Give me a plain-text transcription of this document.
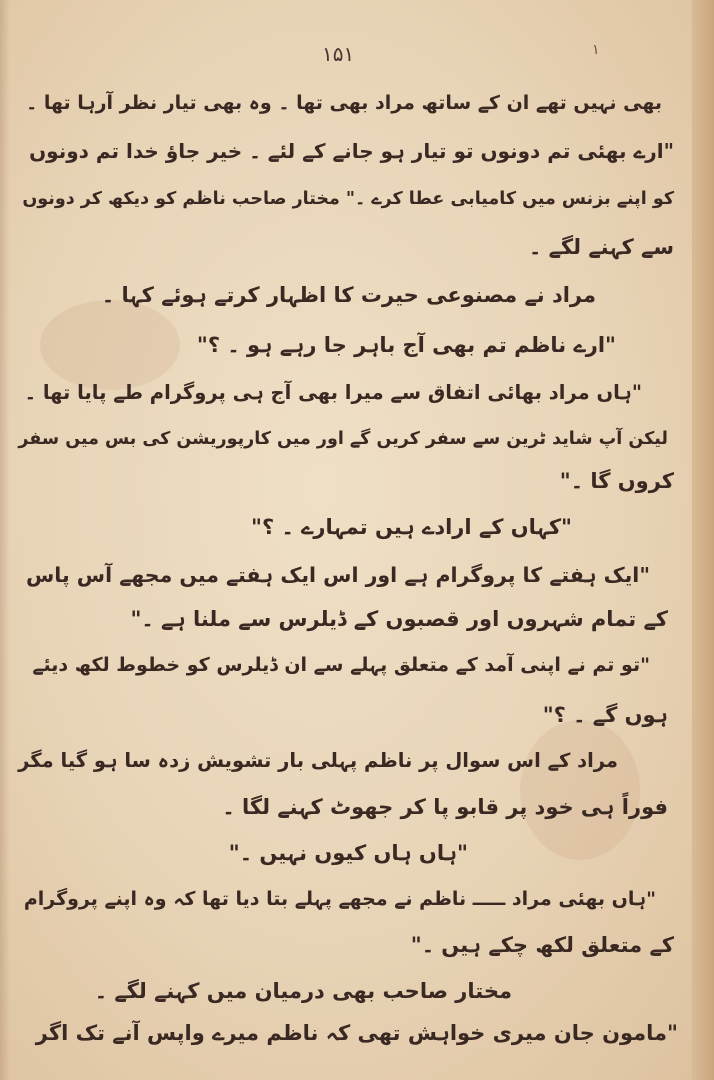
۱۵۱	۱
بھی نہیں تھے ان کے ساتھ مراد بھی تھا ۔ وہ بھی تیار نظر آرہا تھا ۔
"ارے بھئی تم دونوں تو تیار ہو جانے کے لئے ۔ خیر جاؤ خدا تم دونوں
کو اپنے بزنس میں کامیابی عطا کرے ۔" مختار صاحب ناظم کو دیکھ کر دونوں
سے کہنے لگے ۔
مراد نے مصنوعی حیرت کا اظہار کرتے ہوئے کہا ۔
"ارے ناظم تم بھی آج باہر جا رہے ہو ۔ ؟"
"ہاں مراد بھائی اتفاق سے میرا بھی آج ہی پروگرام طے پایا تھا ۔
لیکن آپ شاید ٹرین سے سفر کریں گے اور میں کارپوریشن کی بس میں سفر
کروں گا ۔"
"کہاں کے ارادے ہیں تمہارے ۔ ؟"
"ایک ہفتے کا پروگرام ہے اور اس ایک ہفتے میں مجھے آس پاس
کے تمام شہروں اور قصبوں کے ڈیلرس سے ملنا ہے ۔"
"تو تم نے اپنی آمد کے متعلق پہلے سے ان ڈیلرس کو خطوط لکھ دیئے
ہوں گے ۔ ؟"
مراد کے اس سوال پر ناظم پہلی بار تشویش زدہ سا ہو گیا مگر
فوراً ہی خود پر قابو پا کر جھوٹ کہنے لگا ۔
"ہاں ہاں کیوں نہیں ۔"
"ہاں بھئی مراد ـــــ ناظم نے مجھے پہلے بتا دیا تھا کہ وہ اپنے پروگرام
کے متعلق لکھ چکے ہیں ۔"
مختار صاحب بھی درمیان میں کہنے لگے ۔
"مامون جان میری خواہش تھی کہ ناظم میرے واپس آنے تک اگر
